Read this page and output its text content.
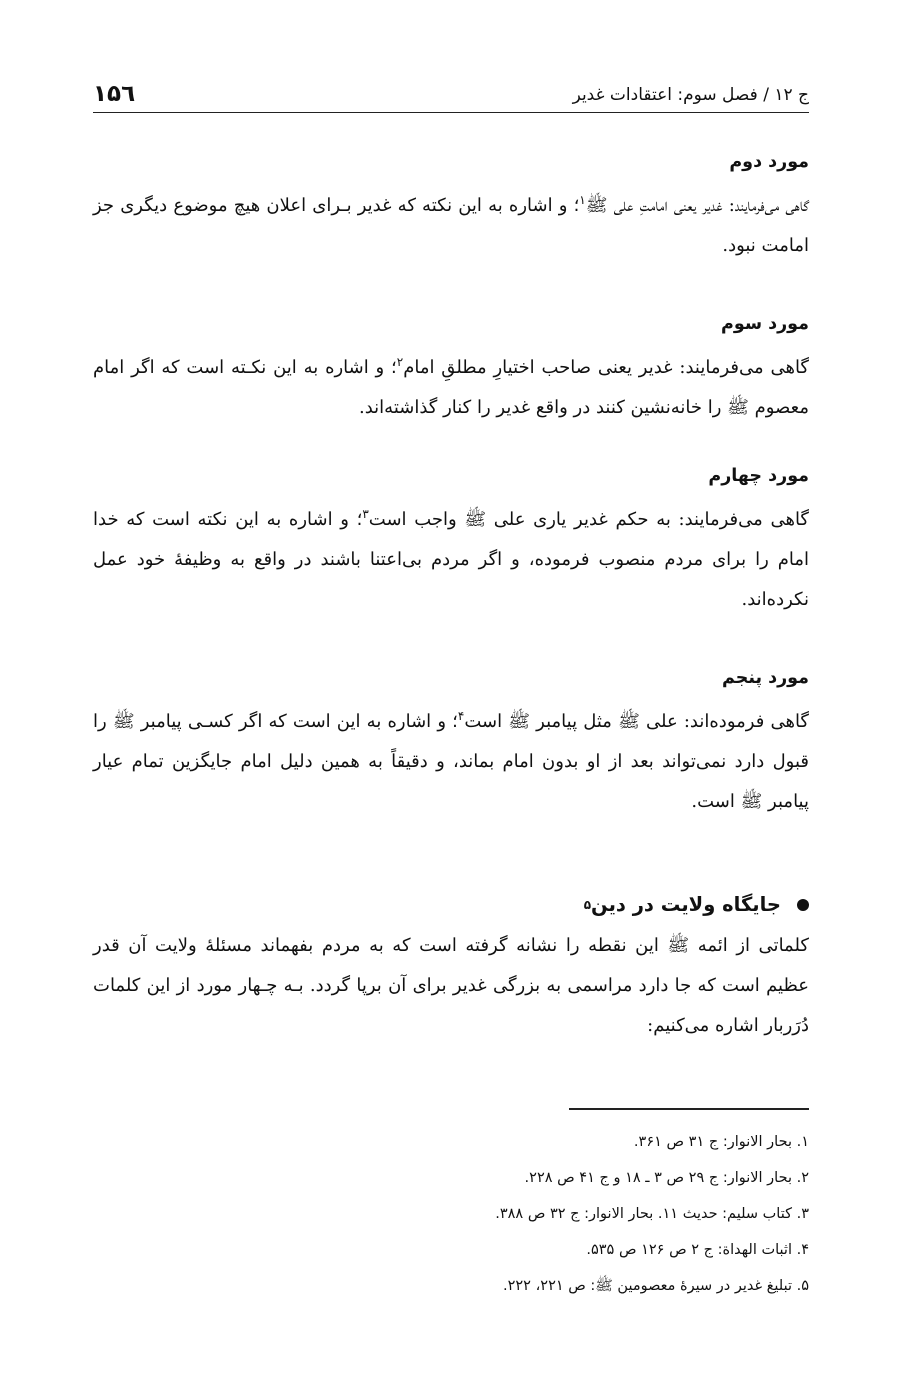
ج ۱۲ / فصل سوم: اعتقادات غدیر
۱۵٦
مورد دوم

گاهی می‌فرمایند: غدیر یعنی امامتِ علی ﷺ$^۱$؛ و اشاره به این نکته که غدیر بـرای اعلان هیچ موضوع دیگری جز امامت نبود.

مورد سوم

گاهی می‌فرمایند: غدیر یعنی صاحب اختیارِ مطلقِ امام$^۲$؛ و اشاره به این نکـته است که اگر امام معصوم ﷺ را خانه‌نشین کنند در واقع غدیر را کنار گذاشته‌اند.

مورد چهارم

گاهی می‌فرمایند: به حکم غدیر یاری علی ﷺ واجب است$^۳$؛ و اشاره به این نکته است که خدا امام را برای مردم منصوب فرموده، و اگر مردم بی‌اعتنا باشند در واقع به وظیفهٔ خود عمل نکرده‌اند.

مورد پنجم

گاهی فرموده‌اند: علی ﷺ مثل پیامبر ﷺ است$^۴$؛ و اشاره به این است که اگر کسـی پیامبر ﷺ را قبول دارد نمی‌تواند بعد از او بدون امام بماند، و دقیقاً به همین دلیل امام جایگزین تمام عیار پیامبر ﷺ است.

جایگاه ولایت در دین
۵

کلماتی از ائمه ﷺ این نقطه را نشانه گرفته است که به مردم بفهماند مسئلهٔ ولایت آن قدر عظیم است که جا دارد مراسمی به بزرگی غدیر برای آن برپا گردد. بـه چـهار مورد از این کلمات دُرَربار اشاره می‌کنیم:

۱. بحار الانوار: ج ۳۱ ص ۳۶۱.
۲. بحار الانوار: ج ۲۹ ص ۳ ـ ۱۸ و ج ۴۱ ص ۲۲۸.
۳. کتاب سلیم: حدیث ۱۱. بحار الانوار: ج ۳۲ ص ۳۸۸.
۴. اثبات الهداة: ج ۲ ص ۱۲۶ ص ۵۳۵.
۵. تبلیغ غدیر در سیرهٔ معصومین ﷺ: ص ۲۲۱، ۲۲۲.
